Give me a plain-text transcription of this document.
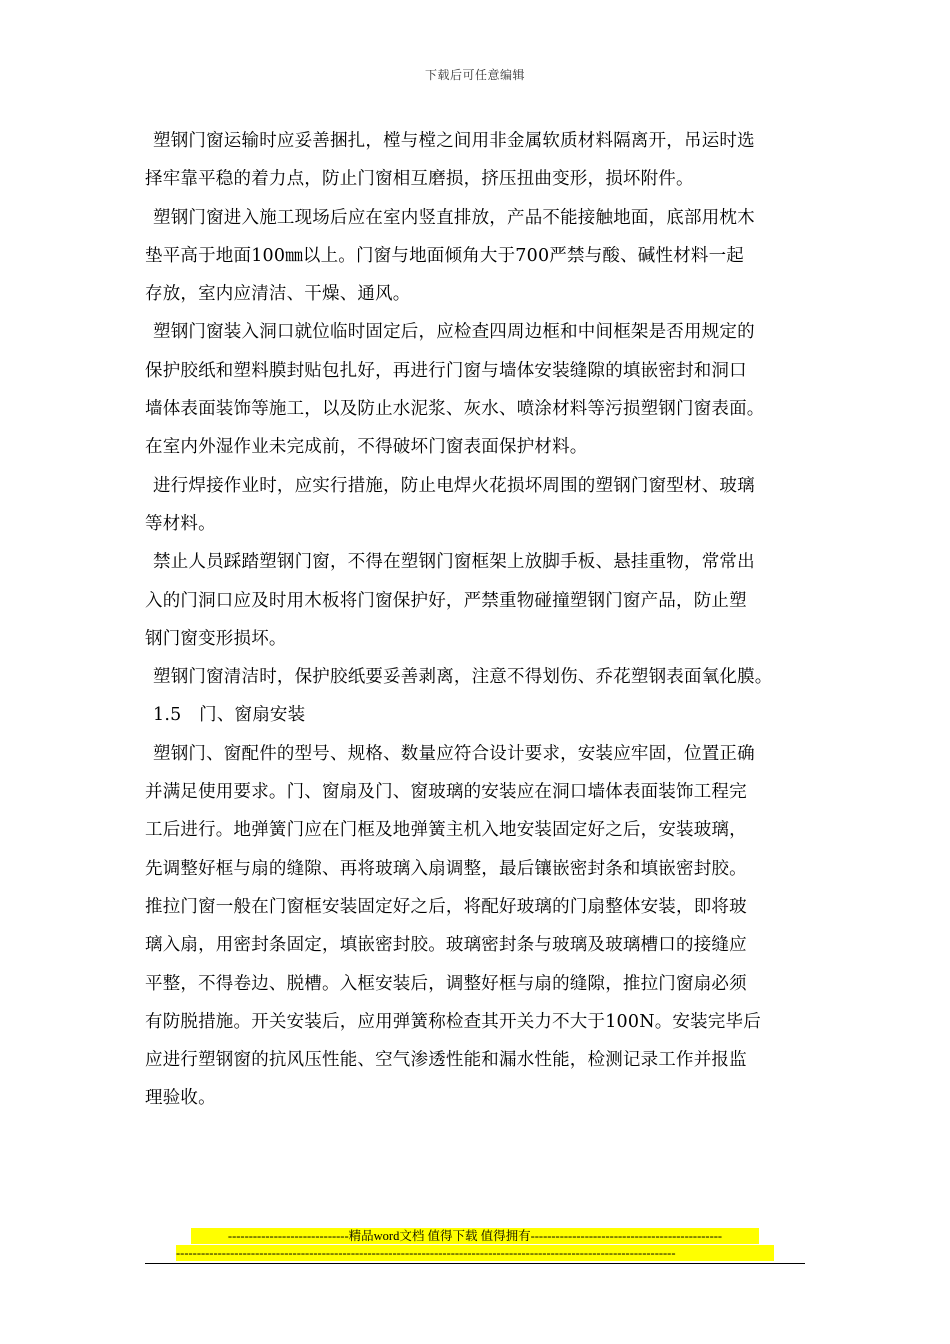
下载后可任意编辑
塑钢门窗运输时应妥善捆扎，樘与樘之间用非金属软质材料隔离开，吊运时选
择牢靠平稳的着力点，防止门窗相互磨损，挤压扭曲变形，损坏附件。
塑钢门窗进入施工现场后应在室内竖直排放，产品不能接触地面，底部用枕木
垫平高于地面100㎜以上。门窗与地面倾角大于700严禁与酸、碱性材料一起
存放，室内应清洁、干燥、通风。
塑钢门窗装入洞口就位临时固定后，应检查四周边框和中间框架是否用规定的
保护胶纸和塑料膜封贴包扎好，再进行门窗与墙体安装缝隙的填嵌密封和洞口
墙体表面装饰等施工，以及防止水泥浆、灰水、喷涂材料等污损塑钢门窗表面。
在室内外湿作业未完成前，不得破坏门窗表面保护材料。
进行焊接作业时，应实行措施，防止电焊火花损坏周围的塑钢门窗型材、玻璃
等材料。
禁止人员踩踏塑钢门窗，不得在塑钢门窗框架上放脚手板、悬挂重物，常常出
入的门洞口应及时用木板将门窗保护好，严禁重物碰撞塑钢门窗产品，防止塑
钢门窗变形损坏。
塑钢门窗清洁时，保护胶纸要妥善剥离，注意不得划伤、乔花塑钢表面氧化膜。
1.5　门、窗扇安装
塑钢门、窗配件的型号、规格、数量应符合设计要求，安装应牢固，位置正确
并满足使用要求。门、窗扇及门、窗玻璃的安装应在洞口墙体表面装饰工程完
工后进行。地弹簧门应在门框及地弹簧主机入地安装固定好之后，安装玻璃，
先调整好框与扇的缝隙、再将玻璃入扇调整，最后镶嵌密封条和填嵌密封胶。
推拉门窗一般在门窗框安装固定好之后，将配好玻璃的门扇整体安装，即将玻
璃入扇，用密封条固定，填嵌密封胶。玻璃密封条与玻璃及玻璃槽口的接缝应
平整，不得卷边、脱槽。入框安装后，调整好框与扇的缝隙，推拉门窗扇必须
有防脱措施。开关安装后，应用弹簧称检查其开关力不大于100N。安装完毕后
应进行塑钢窗的抗风压性能、空气渗透性能和漏水性能，检测记录工作并报监
理验收。
-----------------------------精品word文档 值得下载 值得拥有----------------------------------------------
------------------------------------------------------------------------------------------------------------------------
